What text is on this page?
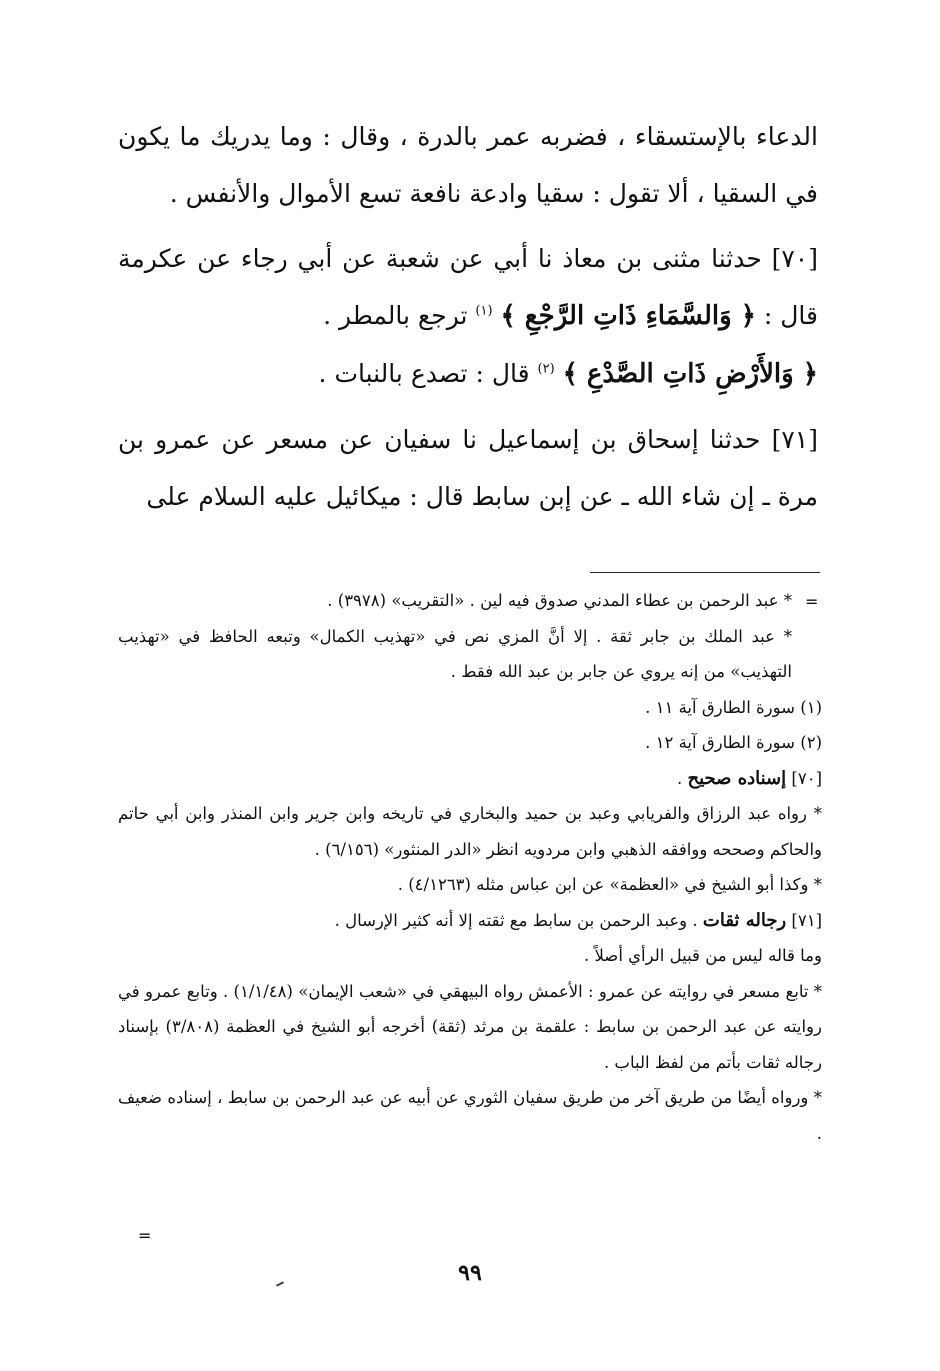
الدعاء بالإستسقاء ، فضربه عمر بالدرة ، وقال : وما يدريك ما يكون في السقيا ، ألا تقول : سقيا وادعة نافعة تسع الأموال والأنفس .

[٧٠] حدثنا مثنى بن معاذ نا أبي عن شعبة عن أبي رجاء عن عكرمة قال : ﴿ وَالسَّمَاءِ ذَاتِ الرَّجْعِ ﴾ $^{(١)}$ ترجع بالمطر .
﴿ وَالأَرْضِ ذَاتِ الصَّدْعِ ﴾ $^{(٢)}$ قال : تصدع بالنبات .

[٧١] حدثنا إسحاق بن إسماعيل نا سفيان عن مسعر عن عمرو بن مرة ـ إن شاء الله ـ عن إبن سابط قال : ميكائيل عليه السلام على

=

* عبد الرحمن بن عطاء المدني صدوق فيه لين . «التقريب» (٣٩٧٨) .

* عبد الملك بن جابر ثقة . إلا أنَّ المزي نص في «تهذيب الكمال» وتبعه الحافظ في «تهذيب التهذيب» من إنه يروي عن جابر بن عبد الله فقط .

(١) سورة الطارق آية ١١ .

(٢) سورة الطارق آية ١٢ .

[٧٠] إسناده صحيح .

* رواه عبد الرزاق والفريابي وعبد بن حميد والبخاري في تاريخه وابن جرير وابن المنذر وابن أبي حاتم والحاكم وصححه ووافقه الذهبي وابن مردويه انظر «الدر المنثور» (٦/١٥٦) .

* وكذا أبو الشيخ في «العظمة» عن ابن عباس مثله (٤/١٢٦٣) .

[٧١] رجاله ثقات . وعبد الرحمن بن سابط مع ثقته إلا أنه كثير الإرسال .

وما قاله ليس من قبيل الرأي أصلاً .

* تابع مسعر في روايته عن عمرو : الأعمش رواه البيهقي في «شعب الإيمان» (١/١/٤٨) . وتابع عمرو في روايته عن عبد الرحمن بن سابط : علقمة بن مرثد (ثقة) أخرجه أبو الشيخ في العظمة (٣/٨٠٨) بإسناد رجاله ثقات بأتم من لفظ الباب .

* ورواه أيضًا من طريق آخر من طريق سفيان الثوري عن أبيه عن عبد الرحمن بن سابط ، إسناده ضعيف .

=
٩٩
